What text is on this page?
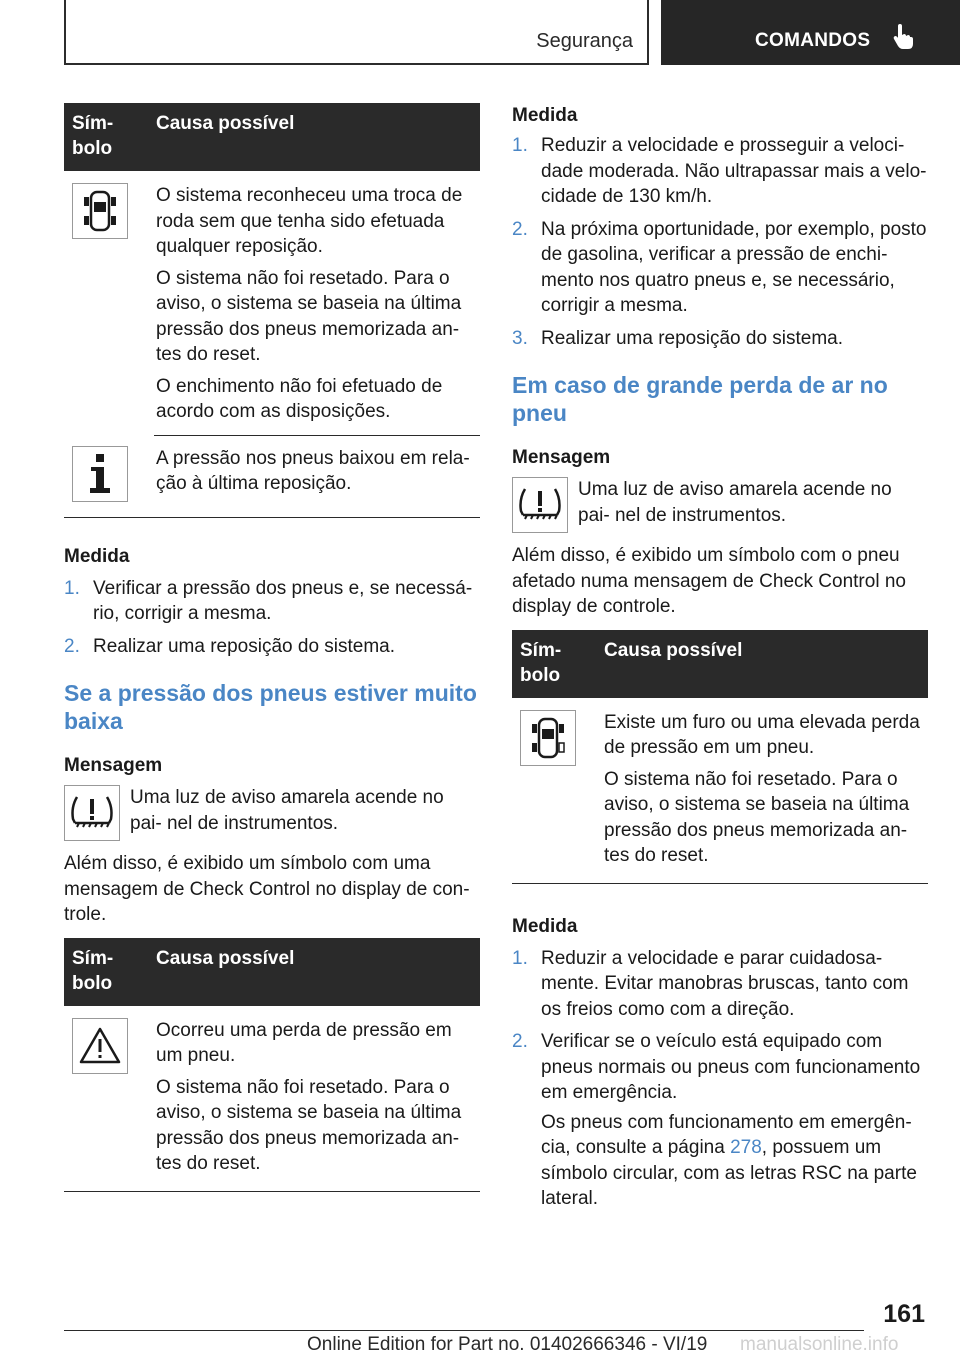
Segurança	COMANDOS
Sím-
bolo
Causa possível

O sistema reconheceu uma troca de roda sem que tenha sido efetuada qualquer reposição.

O sistema não foi resetado. Para o aviso, o sistema se baseia na última pressão dos pneus memorizada an- tes do reset.

O enchimento não foi efetuado de acordo com as disposições.

A pressão nos pneus baixou em rela- ção à última reposição.

Medida

1. Verificar a pressão dos pneus e, se necessá- rio, corrigir a mesma.
2. Realizar uma reposição do sistema.
Se a pressão dos pneus estiver muito baixa

Mensagem

Uma luz de aviso amarela acende no pai- nel de instrumentos.

Além disso, é exibido um símbolo com uma mensagem de Check Control no display de con- trole.

Sím-
bolo
Causa possível

Ocorreu uma perda de pressão em um pneu.

O sistema não foi resetado. Para o aviso, o sistema se baseia na última pressão dos pneus memorizada an- tes do reset.

Medida

1. Reduzir a velocidade e prosseguir a veloci- dade moderada. Não ultrapassar mais a velo- cidade de 130 km/h.
2. Na próxima oportunidade, por exemplo, posto de gasolina, verificar a pressão de enchi- mento nos quatro pneus e, se necessário, corrigir a mesma.
3. Realizar uma reposição do sistema.
Em caso de grande perda de ar no pneu

Mensagem

Uma luz de aviso amarela acende no pai- nel de instrumentos.

Além disso, é exibido um símbolo com o pneu afetado numa mensagem de Check Control no display de controle.

Sím-
bolo
Causa possível

Existe um furo ou uma elevada perda de pressão em um pneu.

O sistema não foi resetado. Para o aviso, o sistema se baseia na última pressão dos pneus memorizada an- tes do reset.

Medida

1. Reduzir a velocidade e parar cuidadosa- mente. Evitar manobras bruscas, tanto com os freios como com a direção.
2. Verificar se o veículo está equipado com pneus normais ou pneus com funcionamento em emergência.

Os pneus com funcionamento em emergên- cia, consulte a página 278, possuem um símbolo circular, com as letras RSC na parte lateral.

161
Online Edition for Part no. 01402666346 - VI/19 manualsonline.info
